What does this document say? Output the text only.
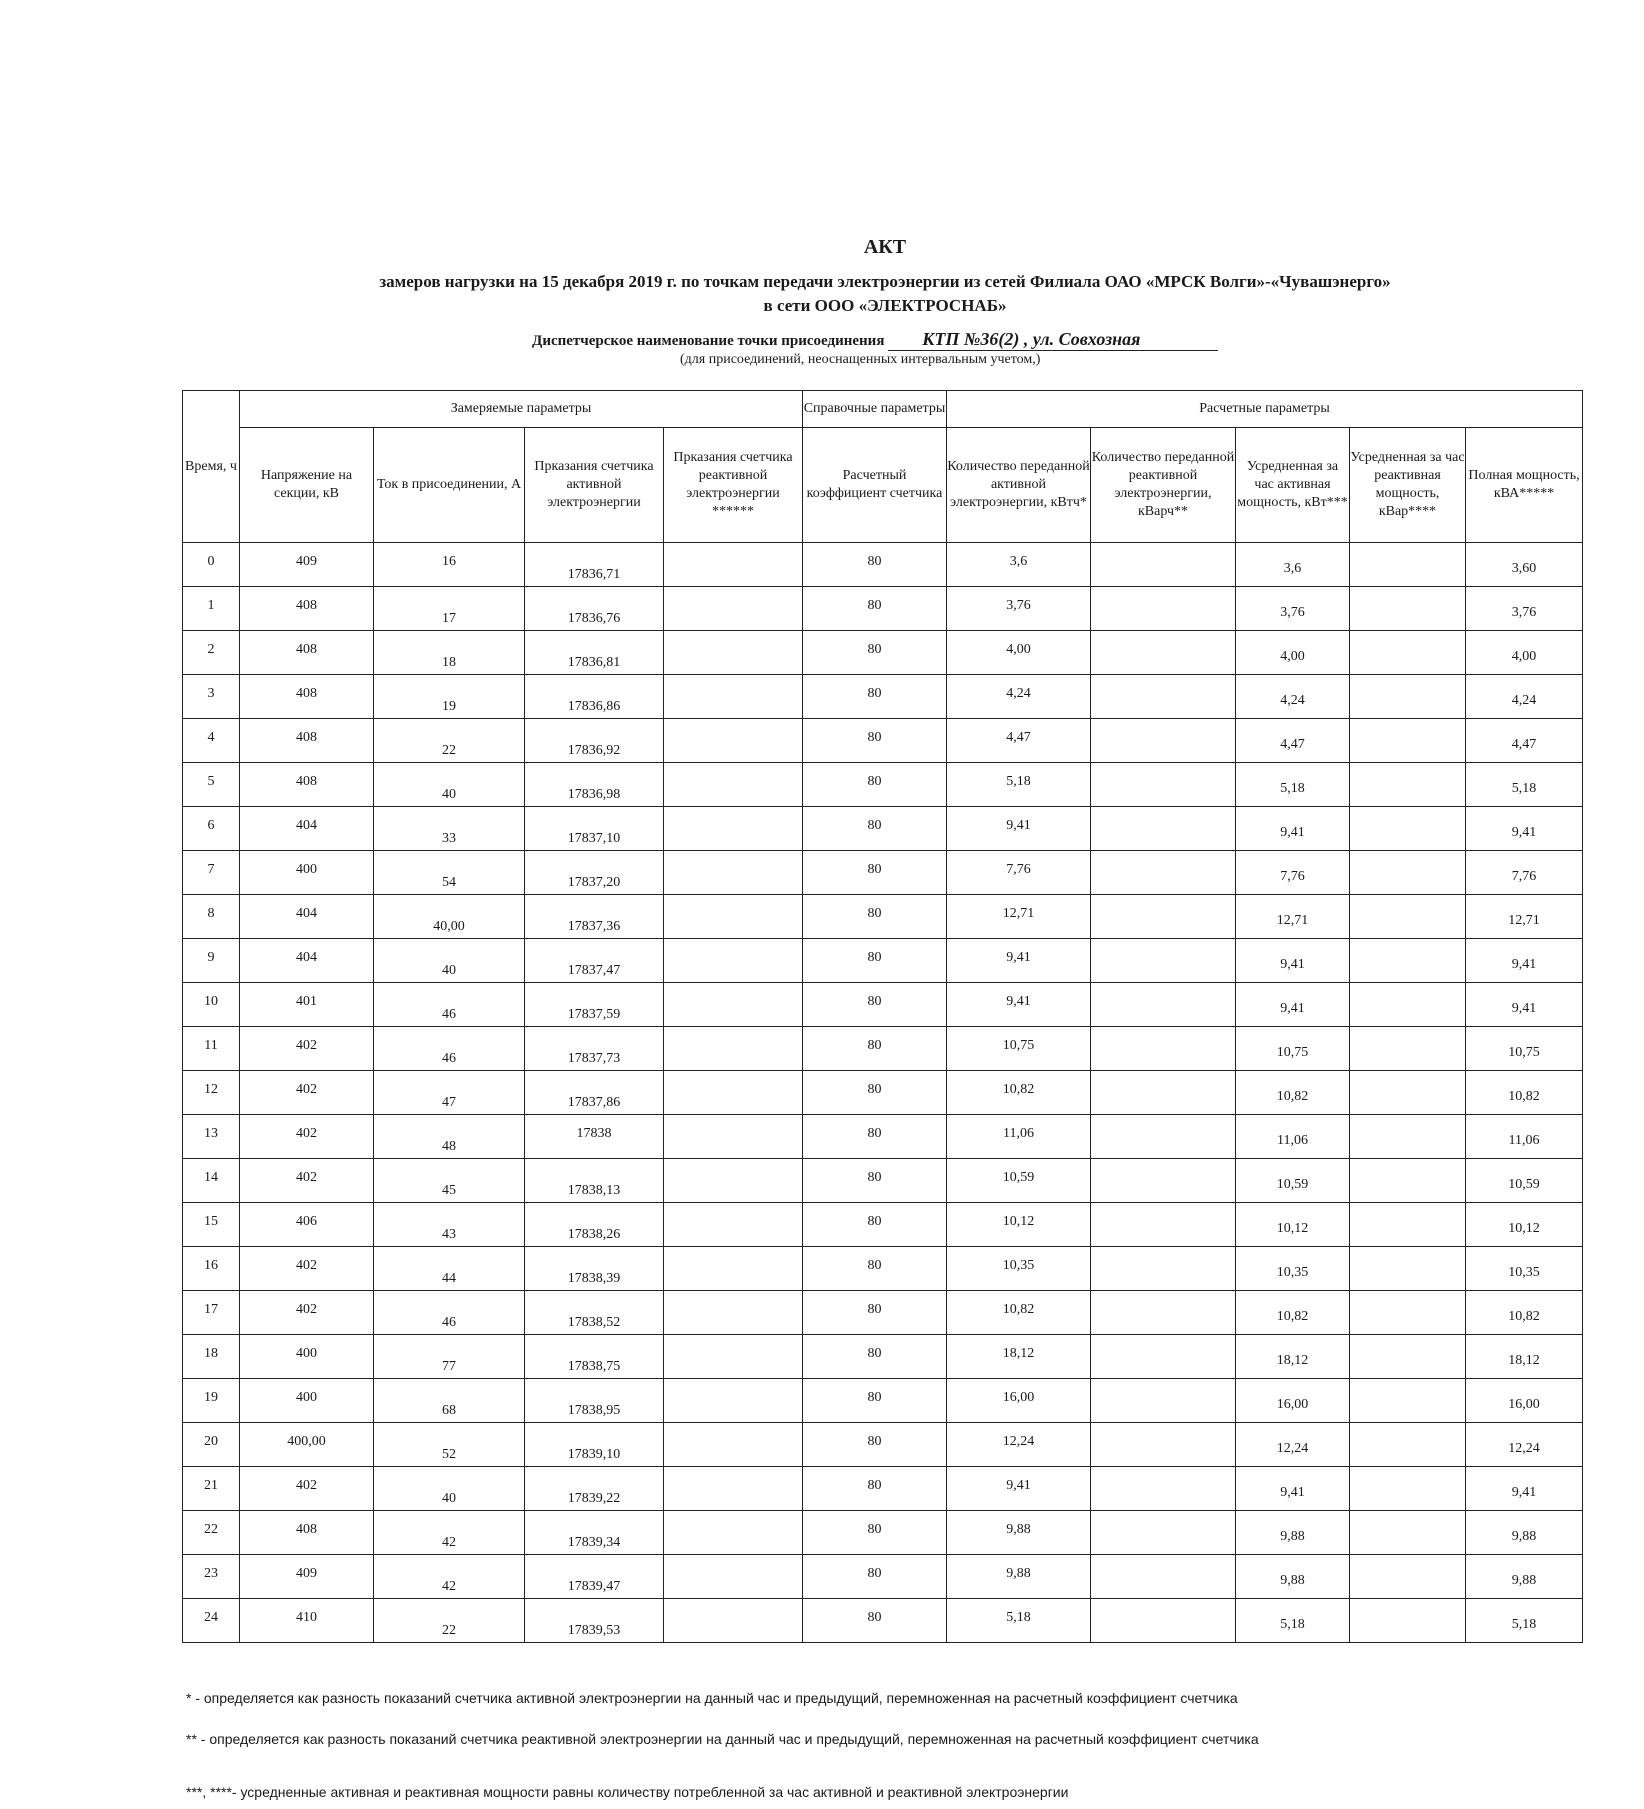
АКТ
замеров нагрузки на 15 декабря 2019 г. по точкам передачи электроэнергии из сетей Филиала ОАО «МРСК Волги»-«Чувашэнерго»
в сети ООО «ЭЛЕКТРОСНАБ»
Диспетчерское наименование точки присоединения КТП №36(2) , ул. Совхозная
(для присоединений, неоснащенных интервальным учетом,)
Время, ч	Замеряемые параметры				Справочные параметры	Расчетные параметры				
	Напряжение на секции, кВ	Ток в присоединении, А	Прказания счетчика активной электроэнергии	Прказания счетчика реактивной электроэнергии ******	Расчетный коэффициент счетчика	Количество переданной активной электроэнергии, кВтч*	Количество переданной реактивной электроэнергии, кВарч**	Усредненная за час активная мощность, кВт***	Усредненная за час реактивная мощность, кВар****	Полная мощность, кВА*****

0	409	16	17836,71		80	3,6		3,6		3,60

1	408	17	17836,76		80	3,76		3,76		3,76

2	408	18	17836,81		80	4,00		4,00		4,00

3	408	19	17836,86		80	4,24		4,24		4,24

4	408	22	17836,92		80	4,47		4,47		4,47

5	408	40	17836,98		80	5,18		5,18		5,18

6	404	33	17837,10		80	9,41		9,41		9,41

7	400	54	17837,20		80	7,76		7,76		7,76

8	404	40,00	17837,36		80	12,71		12,71		12,71

9	404	40	17837,47		80	9,41		9,41		9,41

10	401	46	17837,59		80	9,41		9,41		9,41

11	402	46	17837,73		80	10,75		10,75		10,75

12	402	47	17837,86		80	10,82		10,82		10,82

13	402	48	17838		80	11,06		11,06		11,06

14	402	45	17838,13		80	10,59		10,59		10,59

15	406	43	17838,26		80	10,12		10,12		10,12

16	402	44	17838,39		80	10,35		10,35		10,35

17	402	46	17838,52		80	10,82		10,82		10,82

18	400	77	17838,75		80	18,12		18,12		18,12

19	400	68	17838,95		80	16,00		16,00		16,00

20	400,00	52	17839,10		80	12,24		12,24		12,24

21	402	40	17839,22		80	9,41		9,41		9,41

22	408	42	17839,34		80	9,88		9,88		9,88

23	409	42	17839,47		80	9,88		9,88		9,88

24	410	22	17839,53		80	5,18		5,18		5,18
* - определяется как разность показаний счетчика активной электроэнергии на данный час и предыдущий, перемноженная на расчетный коэффициент счетчика
** - определяется как разность показаний счетчика реактивной электроэнергии на данный час и предыдущий, перемноженная на расчетный коэффициент счетчика
***, ****- усредненные активная и реактивная мощности равны количеству потребленной за час активной и реактивной электроэнергии
